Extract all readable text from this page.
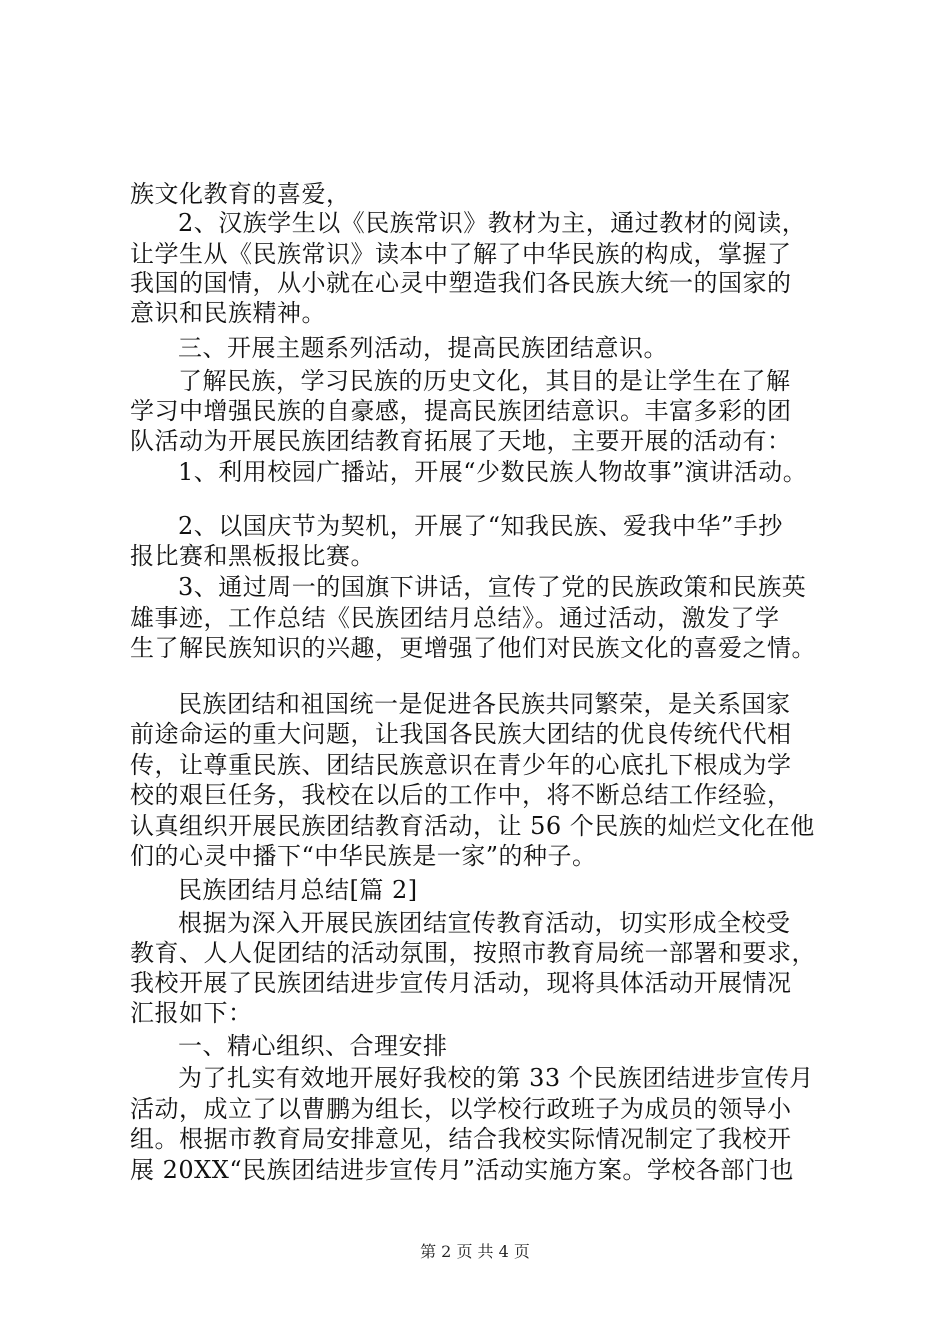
族文化教育的喜爱，
2、汉族学生以《民族常识》教材为主，通过教材的阅读，
让学生从《民族常识》读本中了解了中华民族的构成，掌握了
我国的国情，从小就在心灵中塑造我们各民族大统一的国家的
意识和民族精神。
三、开展主题系列活动，提高民族团结意识。
了解民族，学习民族的历史文化，其目的是让学生在了解
学习中增强民族的自豪感，提高民族团结意识。丰富多彩的团
队活动为开展民族团结教育拓展了天地，主要开展的活动有：
1、利用校园广播站，开展“少数民族人物故事”演讲活动。
2、以国庆节为契机，开展了“知我民族、爱我中华”手抄
报比赛和黑板报比赛。
3、通过周一的国旗下讲话，宣传了党的民族政策和民族英
雄事迹，工作总结《民族团结月总结》。通过活动，激发了学
生了解民族知识的兴趣，更增强了他们对民族文化的喜爱之情。
民族团结和祖国统一是促进各民族共同繁荣，是关系国家
前途命运的重大问题，让我国各民族大团结的优良传统代代相
传，让尊重民族、团结民族意识在青少年的心底扎下根成为学
校的艰巨任务，我校在以后的工作中，将不断总结工作经验，
认真组织开展民族团结教育活动，让 56 个民族的灿烂文化在他
们的心灵中播下“中华民族是一家”的种子。
民族团结月总结[篇 2]
根据为深入开展民族团结宣传教育活动，切实形成全校受
教育、人人促团结的活动氛围，按照市教育局统一部署和要求，
我校开展了民族团结进步宣传月活动，现将具体活动开展情况
汇报如下：
一、精心组织、合理安排
为了扎实有效地开展好我校的第 33 个民族团结进步宣传月
活动，成立了以曹鹏为组长，以学校行政班子为成员的领导小
组。根据市教育局安排意见，结合我校实际情况制定了我校开
展 20XX“民族团结进步宣传月”活动实施方案。学校各部门也
第 2 页 共 4 页
